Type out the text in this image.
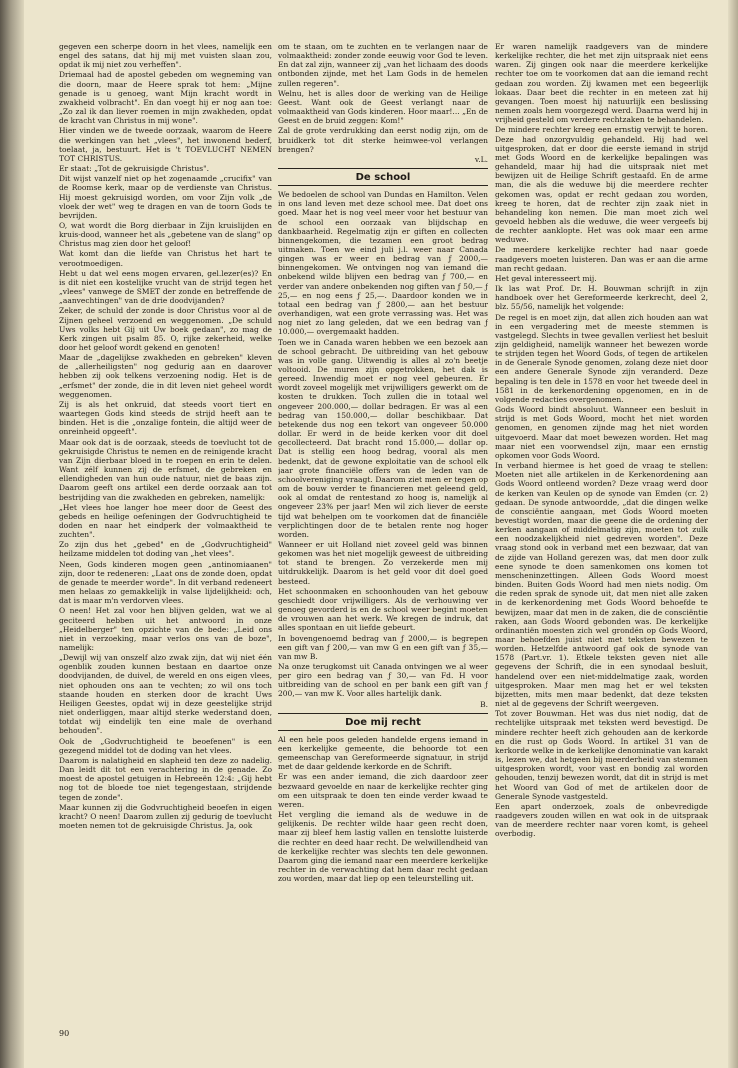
gegeven een scherpe doorn in het vlees, namelijk een engel des satans, dat hij mij met vuisten slaan zou, opdat ik mij niet zou verheffen".

Driemaal had de apostel gebeden om wegneming van die doorn, maar de Heere sprak tot hem: „Mijne genade is u genoeg, want Mijn kracht wordt in zwakheid volbracht". En dan voegt hij er nog aan toe: „Zo zal ik dan liever roemen in mijn zwakheden, opdat de kracht van Christus in mij wone".

Hier vinden we de tweede oorzaak, waarom de Heere die werkingen van het „vlees", het inwonend bederf, toelaat, ja, bestuurt. Het is 't TOEVLUCHT NEMEN TOT CHRISTUS.

Er staat: „Tot de gekruisigde Christus".

Dit wijst vanzelf niet op het zogenaamde „crucifix" van de Roomse kerk, maar op de verdienste van Christus. Hij moest gekruisigd worden, om voor Zijn volk „de vloek der wet" weg te dragen en van de toorn Gods te bevrijden.

O, wat wordt die Borg dierbaar in Zijn kruislijden en kruis-dood, wanneer het als „gebetene van de slang" op Christus mag zien door het geloof!

Wat komt dan die liefde van Christus het hart te verootmoedigen.

Hebt u dat wel eens mogen ervaren, gel.lezer(es)? En is dit niet een kostelijke vrucht van de strijd tegen het „vlees" vanwege de SMET der zonde en betreffende de „aanvechtingen" van de drie doodvijanden?

Zeker, de schuld der zonde is door Christus voor al de Zijnen geheel verzoend en weggenomen. „De schuld Uws volks hebt Gij uit Uw boek gedaan", zo mag de Kerk zingen uit psalm 85. O, rijke zekerheid, welke door het geloof wordt gekend en genoten!

Maar de „dagelijkse zwakheden en gebreken" kleven de „allerheiligsten" nog gedurig aan en daarover hebben zij ook telkens verzoening nodig. Het is de „erfsmet" der zonde, die in dit leven niet geheel wordt weggenomen.

Zij is als het onkruid, dat steeds voort tiert en waartegen Gods kind steeds de strijd heeft aan te binden. Het is die „onzalige fontein, die altijd weer de onreinheid opgeeft".

Maar ook dat is de oorzaak, steeds de toevlucht tot de gekruisigde Christus te nemen en de reinigende kracht van Zijn dierbaar bloed in te roepen en erin te delen. Want zélf kunnen zij de erfsmet, de gebreken en ellendigheden van hun oude natuur, niet de baas zijn. Daarom geeft ons artikel een derde oorzaak aan tot bestrijding van die zwakheden en gebreken, namelijk:

„Het vlees hoe langer hoe meer door de Geest des gebeds en heilige oefeningen der Godvruchtigheid te doden en naar het eindperk der volmaaktheid te zuchten".

Zo zijn dus het „gebed" en de „Godvruchtigheid" heilzame middelen tot doding van „het vlees".

Neen, Gods kinderen mogen geen „antinomiaanen" zijn, door te redeneren: „Laat ons de zonde doen, opdat de genade te meerder worde". In dit verband redeneert men helaas zo gemakkelijk in valse lijdelijkheid: och, dat is maar m'n verdorven vlees.

O neen! Het zal voor hen blijven gelden, wat we al geciteerd hebben uit het antwoord in onze „Heidelberger" ten opzichte van de bede: „Leid ons niet in verzoeking, maar verlos ons van de boze", namelijk:

„Dewijl wij van onszelf alzo zwak zijn, dat wij niet één ogenblik zouden kunnen bestaan en daartoe onze doodvijanden, de duivel, de wereld en ons eigen vlees, niet ophouden ons aan te vechten; zo wil ons toch staande houden en sterken door de kracht Uws Heiligen Geestes, opdat wij in deze geestelijke strijd niet onderliggen, maar altijd sterke wederstand doen, totdat wij eindelijk ten eine male de overhand behouden".

Ook de „Godvruchtigheid te beoefenen" is een gezegend middel tot de doding van het vlees.

Daarom is nalatigheid en slapheid ten deze zo nadelig. Dan leidt dit tot een verachtering in de genade. Zo moest de apostel getuigen in Hebreeën 12:4: „Gij hebt nog tot de bloede toe niet tegengestaan, strijdende tegen de zonde".

Maar kunnen zij die Godvruchtigheid beoefen in eigen kracht? O neen! Daarom zullen zij gedurig de toevlucht moeten nemen tot de gekruisigde Christus. Ja, ook

om te staan, om te zuchten en te verlangen naar de volmaaktheid: zonder zonde eeuwig voor God te leven. En dat zal zijn, wanneer zij „van het lichaam des doods ontbonden zijnde, met het Lam Gods in de hemelen zullen regeren".

Welnu, het is alles door de werking van de Heilige Geest. Want ook de Geest verlangt naar de volmaaktheid van Gods kinderen. Hoor maar!... „En de Geest en de bruid zeggen: Kom!"

Zal de grote verdrukking dan eerst nodig zijn, om de bruidkerk tot dit sterke heimwee-vol verlangen brengen?

v.L.

De school

We bedoelen de school van Dundas en Hamilton. Velen in ons land leven met deze school mee. Dat doet ons goed. Maar het is nog veel meer voor het bestuur van de school een oorzaak van blijdschap en dankbaarheid. Regelmatig zijn er giften en collecten binnengekomen, die tezamen een groot bedrag uitmaken. Toen we eind juli j.l. weer naar Canada gingen was er weer en bedrag van ƒ 2000,— binnengekomen. We ontvingen nog van iemand die onbekend wilde blijven een bedrag van ƒ 700,— en verder van andere onbekenden nog giften van ƒ 50,— ƒ 25,— en nog eens ƒ 25,—. Daardoor konden we in totaal een bedrag van ƒ 2800,— aan het bestuur overhandigen, wat een grote verrassing was. Het was nog niet zo lang geleden, dat we een bedrag van ƒ 10.000,— overgemaakt hadden.

Toen we in Canada waren hebben we een bezoek aan de school gebracht. De uitbreiding van het gebouw was in volle gang. Uitwendig is alles al zo'n beetje voltooid. De muren zijn opgetrokken, het dak is gereed. Inwendig moet er nog veel gebeuren. Er wordt zoveel mogelijk met vrijwilligers gewerkt om de kosten te drukken. Toch zullen die in totaal wel ongeveer 200.000,— dollar bedragen. Er was al een bedrag van 150.000,— dollar beschikbaar. Dat betekende dus nog een tekort van ongeveer 50.000 dollar. Er werd in de beide kerken voor dit doel gecollecteerd. Dat bracht rond 15.000,— dollar op. Dat is stellig een hoog bedrag, vooral als men bedenkt, dat de gewone exploitatie van de school elk jaar grote financiële offers van de leden van de schoolvereniging vraagt. Daarom ziet men er tegen op om de bouw verder te financieren met geleend geld, ook al omdat de rentestand zo hoog is, namelijk al ongeveer 23% per jaar! Men wil zich liever de eerste tijd wat behelpen om te voorkomen dat de financiële verplichtingen door de te betalen rente nog hoger worden.

Wanneer er uit Holland niet zoveel geld was binnen gekomen was het niet mogelijk geweest de uitbreiding tot stand te brengen. Zo verzekerde men mij uitdrukkelijk. Daarom is het geld voor dit doel goed besteed.

Het schoonmaken en schoonhouden van het gebouw geschiedt door vrijwilligers. Als de verhouwing ver genoeg gevorderd is en de school weer begint moeten de vrouwen aan het werk. We kregen de indruk, dat alles spontaan en uit liefde gebeurt.

In bovengenoemd bedrag van ƒ 2000,— is begrepen een gift van ƒ 200,— van mw G en een gift van ƒ 35,— van mw B.

Na onze terugkomst uit Canada ontvingen we al weer per giro een bedrag van ƒ 30,— van Fd. H voor uitbreiding van de school en per bank een gift van ƒ 200,— van mw K. Voor alles hartelijk dank.

B.

Doe mij recht

Al een hele poos geleden handelde ergens iemand in een kerkelijke gemeente, die behoorde tot een gemeenschap van Gereformeerde signatuur, in strijd met de daar geldende kerkorde en de Schrift.

Er was een ander iemand, die zich daardoor zeer bezwaard gevoelde en naar de kerkelijke rechter ging om een uitspraak te doen ten einde verder kwaad te weren.

Het vergling die iemand als de weduwe in de gelijkenis. De rechter wilde haar geen recht doen, maar zij bleef hem lastig vallen en tenslotte luisterde die rechter en deed haar recht. De welwillendheid van de kerkelijke rechter was slechts ten dele gewonnen. Daarom ging die iemand naar een meerdere kerkelijke rechter in de verwachting dat hem daar recht gedaan zou worden, maar dat liep op een teleurstelling uit.

Er waren namelijk raadgevers van de mindere kerkelijke rechter, die het met zijn uitspraak niet eens waren. Zij gingen ook naar die meerdere kerkelijke rechter toe om te voorkomen dat aan die iemand recht gedaan zou worden. Zij kwamen met een begeerlijk lokaas. Daar beet die rechter in en meteen zat hij gevangen. Toen moest hij natuurlijk een beslissing nemen zoals hem voorgezegd werd. Daarna werd hij in vrijheid gesteld om verdere rechtzaken te behandelen.

De mindere rechter kreeg een ernstig verwijt te horen. Deze had onzorgvuldig gehandeld. Hij had wel uitgesproken, dat er door die eerste iemand in strijd met Gods Woord en de kerkelijke bepalingen was gehandeld, maar hij had die uitspraak niet met bewijzen uit de Heilige Schrift gestaafd. En de arme man, die als die weduwe bij die meerdere rechter gekomen was, opdat er recht gedaan zou worden, kreeg te horen, dat de rechter zijn zaak niet in behandeling kon nemen. Die man moet zich wel gevoeld hebben als die weduwe, die weer vergeefs bij de rechter aanklopte. Het was ook maar een arme weduwe.

De meerdere kerkelijke rechter had naar goede raadgevers moeten luisteren. Dan was er aan die arme man recht gedaan.

Het geval interesseert mij.

Ik las wat Prof. Dr. H. Bouwman schrijft in zijn handboek over het Gereformeerde kerkrecht, deel 2, blz. 55/56, namelijk het volgende:

De regel is en moet zijn, dat allen zich houden aan wat in een vergadering met de meeste stemmen is vastgelegd. Slechts in twee gevallen verliest het besluit zijn geldigheid, namelijk wanneer het bewezen worde te strijden tegen het Woord Gods, of tegen de artikelen in de Generale Synode genomen, zolang deze niet door een andere Generale Synode zijn veranderd. Deze bepaling is ten dele in 1578 en voor het tweede deel in 1581 in de kerkenordening opgenomen, en in de volgende redacties overgenomen.

Gods Woord bindt absoluut. Wanneer een besluit in strijd is met Gods Woord, mocht het niet worden genomen, en genomen zijnde mag het niet worden uitgevoerd. Maar dat moet bewezen worden. Het mag maar niet een voorwendsel zijn, maar een ernstig opkomen voor Gods Woord.

In verband hiermee is het goed de vraag te stellen: Moeten niet alle artikelen in de Kerkenordening aan Gods Woord ontleend worden? Deze vraag werd door de kerken van Keulen op de synode van Emden (cr. 2) gedaan. De synode antwoordde, „dat die dingen welke de consciëntie aangaan, met Gods Woord moeten bevestigt worden, maar die geene die de ordening der kerken aangaan of middelmatig zijn, moeten tot zulk een noodzakelijkheid niet gedreven worden". Deze vraag stond ook in verband met een bezwaar, dat van de zijde van Holland gerezen was, dat men door zulk eene synode te doen samenkomen ons komen tot menscheninzettingen. Alleen Gods Woord moest binden. Buiten Gods Woord had men niets nodig. Om die reden sprak de synode uit, dat men niet alle zaken in de kerkenordening met Gods Woord behoefde te bewijzen, maar dat men in de zaken, die de consciëntie raken, aan Gods Woord gebonden was. De kerkelijke ordinantiën moesten zich wel grondén op Gods Woord, maar behoefden juist niet met teksten bewezen te worden. Hetzelfde antwoord gaf ook de synode van 1578 (Part.vr. 1). Etkele teksten geven niet alle gegevens der Schrift, die in een synodaal besluit, handelend over een niet-middelmatige zaak, worden uitgesproken. Maar men mag het er wel teksten bijzetten, mits men maar bedenkt, dat deze teksten niet al de gegevens der Schrift weergeven.

Tot zover Bouwman. Het was dus niet nodig, dat de rechtelijke uitspraak met teksten werd bevestigd. De mindere rechter heeft zich gehouden aan de kerkorde en die rust op Gods Woord. In artikel 31 van de kerkorde welke in de kerkelijke denominatie van karakt is, lezen we, dat hetgeen bij meerderheid van stemmen uitgesproken wordt, voor vast en bondig zal worden gehouden, tenzij bewezen wordt, dat dit in strijd is met het Woord van God of met de artikelen door de Generale Synode vastgesteld.

Een apart onderzoek, zoals de onbevredigde raadgevers zouden willen en wat ook in de uitspraak van de meerdere rechter naar voren komt, is geheel overbodig.

90
